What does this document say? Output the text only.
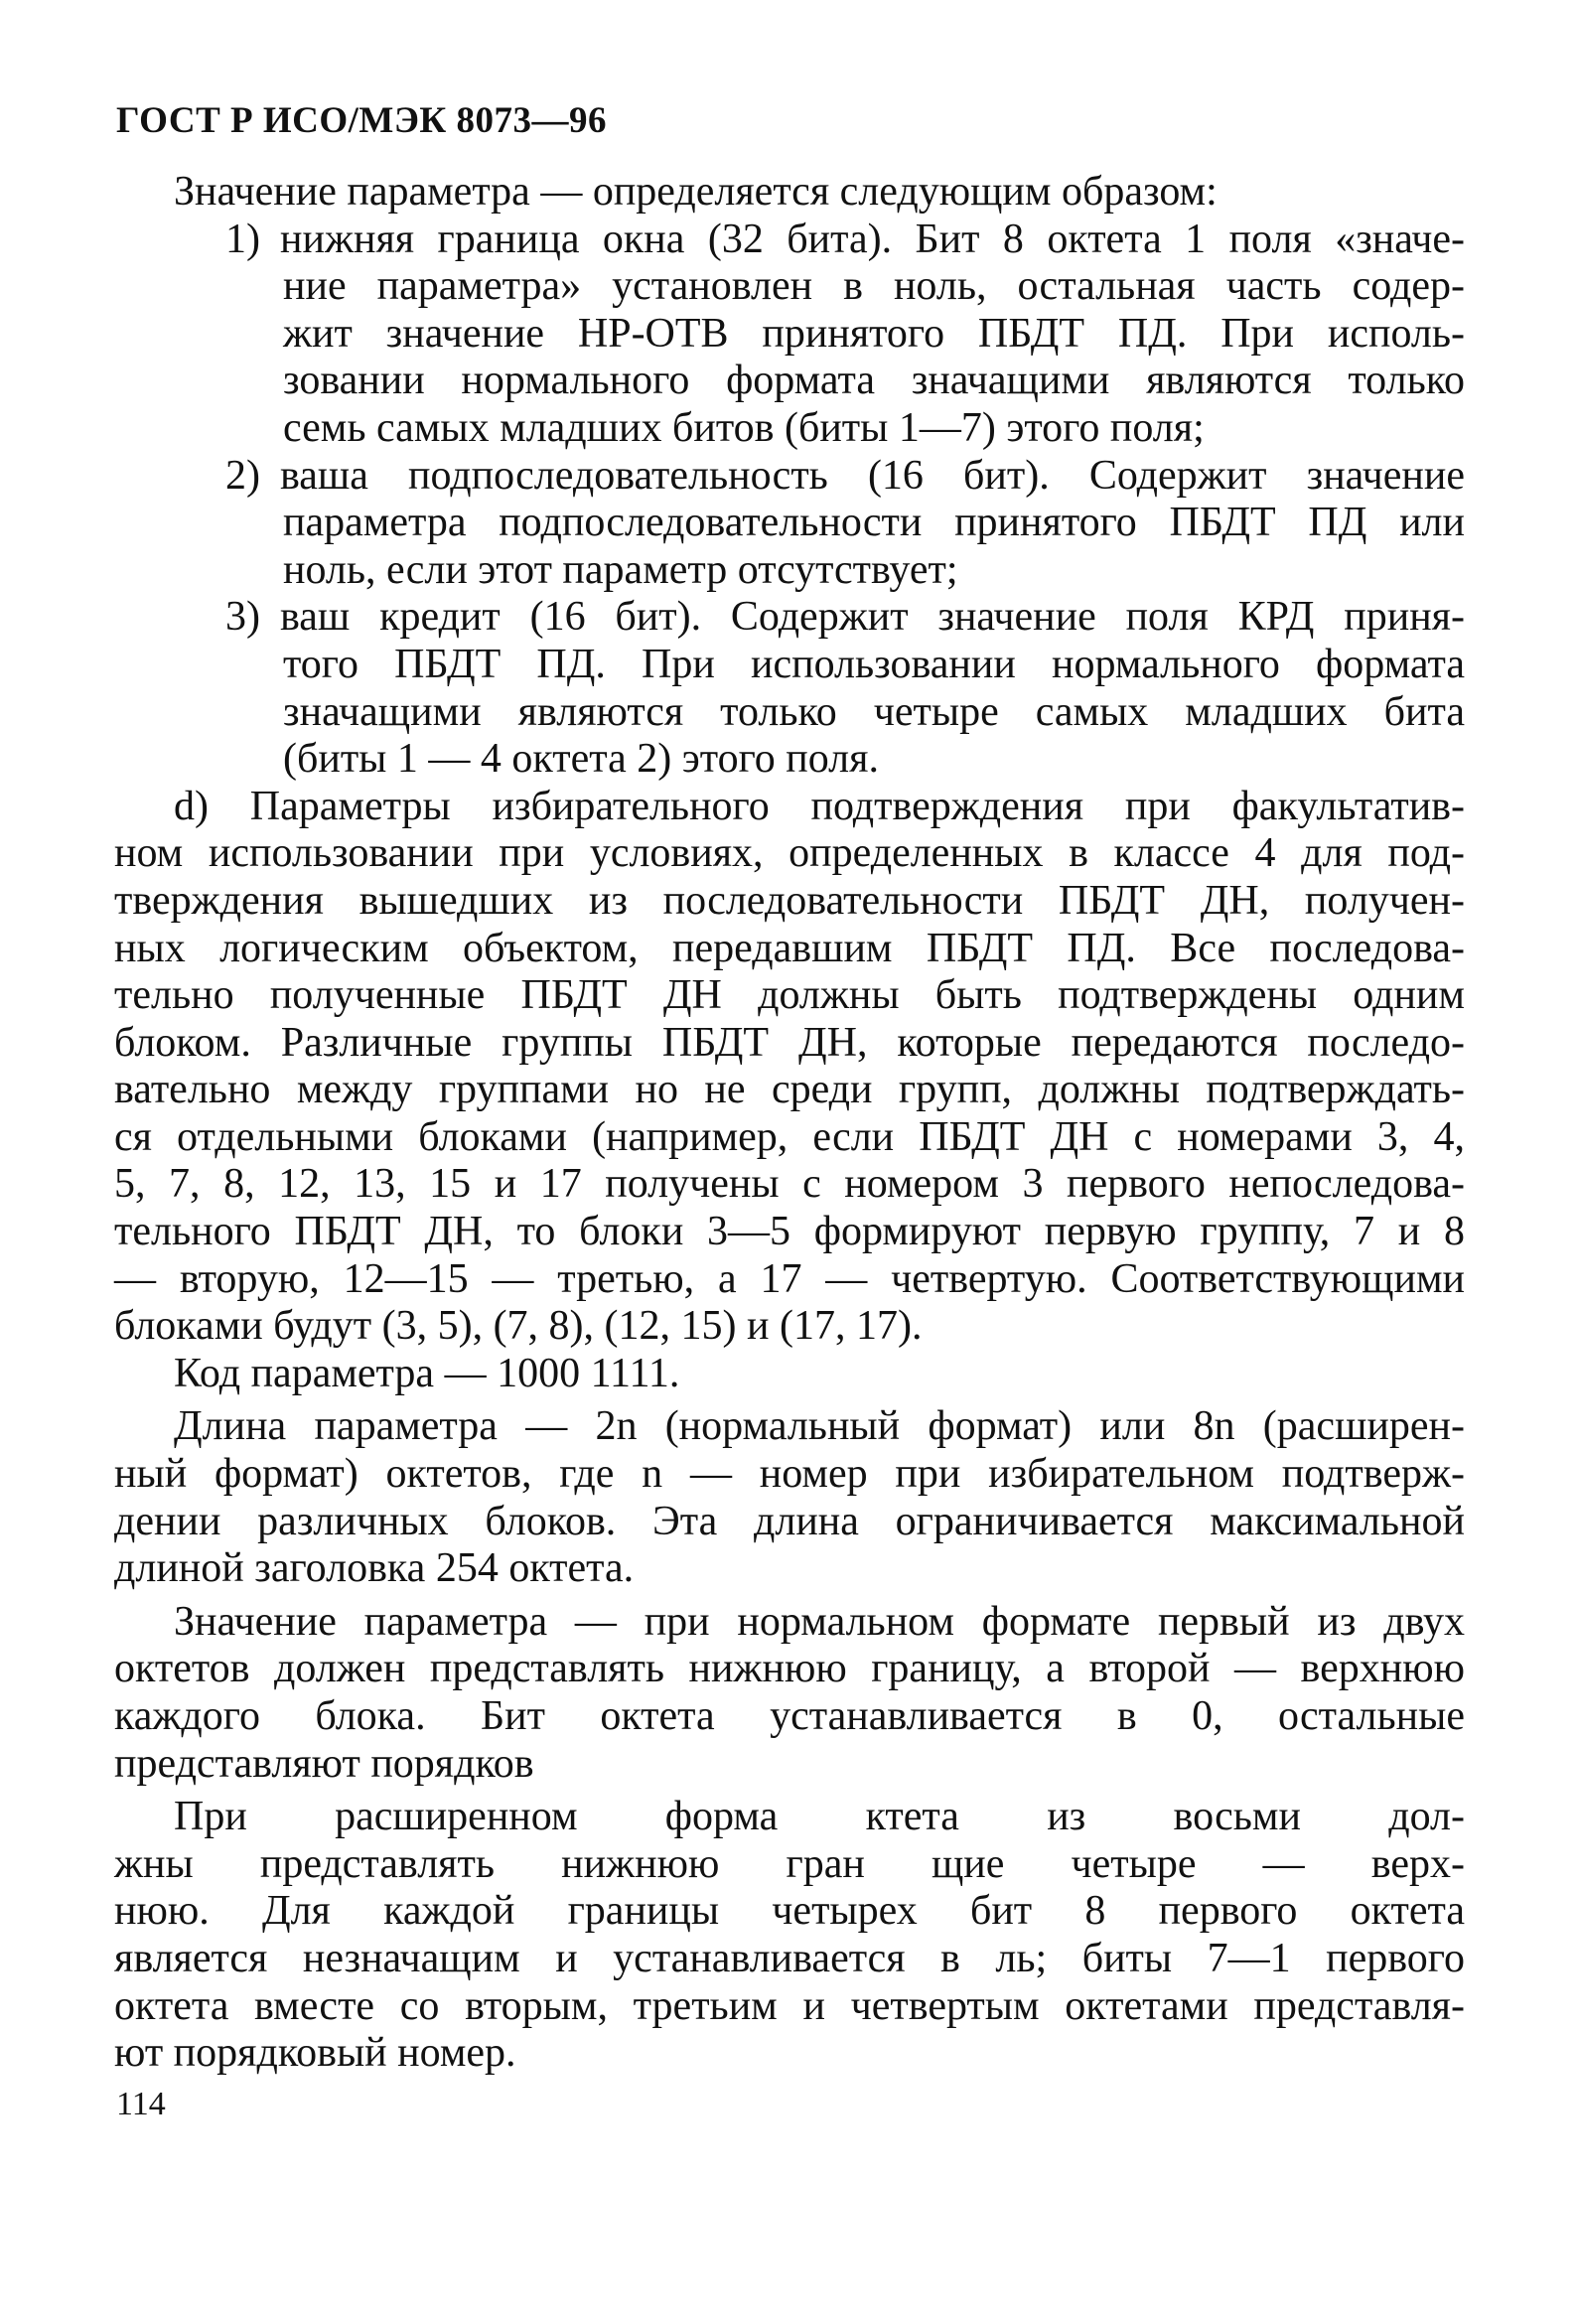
ГОСТ Р ИСО/МЭК 8073—96
Значение параметра — определяется следующим образом:
1) нижняя граница окна (32 бита). Бит 8 октета 1 поля «значе-
ние параметра» установлен в ноль, остальная часть содер-
жит значение НР-ОТВ принятого ПБДТ ПД. При исполь-
зовании нормального формата значащими являются только
семь самых младших битов (биты 1—7) этого поля;
2) ваша подпоследовательность (16 бит). Содержит значение
параметра подпоследовательности принятого ПБДТ ПД или
ноль, если этот параметр отсутствует;
3) ваш кредит (16 бит). Содержит значение поля КРД приня-
того ПБДТ ПД. При использовании нормального формата
значащими являются только четыре самых младших бита
(биты 1 — 4 октета 2) этого поля.
d) Параметры избирательного подтверждения при факультатив-
ном использовании при условиях, определенных в классе 4 для под-
тверждения вышедших из последовательности ПБДТ ДН, получен-
ных логическим объектом, передавшим ПБДТ ПД. Все последова-
тельно полученные ПБДТ ДН должны быть подтверждены одним
блоком. Различные группы ПБДТ ДН, которые передаются последо-
вательно между группами но не среди групп, должны подтверждать-
ся отдельными блоками (например, если ПБДТ ДН с номерами 3, 4,
5, 7, 8, 12, 13, 15 и 17 получены с номером 3 первого непоследова-
тельного ПБДТ ДН, то блоки 3—5 формируют первую группу, 7 и 8
— вторую, 12—15 — третью, а 17 — четвертую. Соответствующими
блоками будут (3, 5), (7, 8), (12, 15) и (17, 17).
Код параметра — 1000 1111.
Длина параметра — 2n (нормальный формат) или 8n (расширен-
ный формат) октетов, где n — номер при избирательном подтверж-
дении различных блоков. Эта длина ограничивается максимальной
длиной заголовка 254 октета.
Значение параметра — при нормальном формате первый из двух
октетов должен представлять нижнюю границу, а второй — верхнюю
каждого блока. Бит октета устанавливается в 0, остальные
представляют порядков
При расширенном форма ктета из восьми дол-
жны представлять нижнюю гран щие четыре — верх-
нюю. Для каждой границы четырех бит 8 первого октета
является незначащим и устанавливается в ль; биты 7—1 первого
октета вместе со вторым, третьим и четвертым октетами представля-
ют порядковый номер.
114
